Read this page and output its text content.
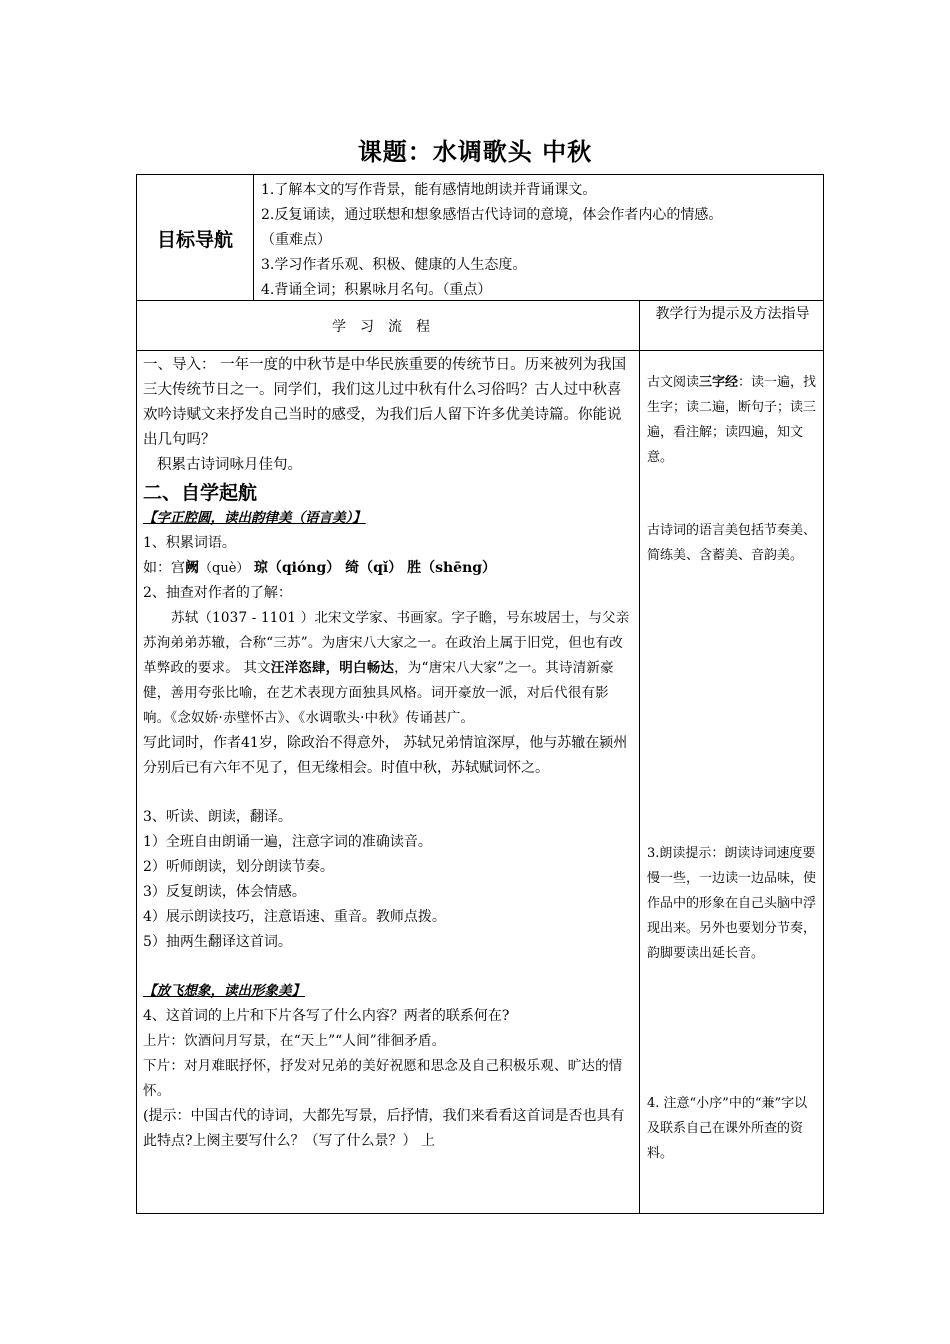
课题：水调歌头 中秋
目标导航
1.了解本文的写作背景，能有感情地朗读并背诵课文。
2.反复诵读，通过联想和想象感悟古代诗词的意境，体会作者内心的情感。
（重难点）
3.学习作者乐观、积极、健康的人生态度。
4.背诵全词；积累咏月名句。（重点）
学习流程
教学行为提示及方法指导

一、导入： 一年一度的中秋节是中华民族重要的传统节日。历来被列为我国三大传统节日之一。同学们，我们这儿过中秋有什么习俗吗？古人过中秋喜欢吟诗赋文来抒发自己当时的感受，为我们后人留下许多优美诗篇。你能说出几句吗？

积累古诗词咏月佳句。

二、自学起航

【字正腔圆，读出韵律美（语言美）】

1、积累词语。

如：宫阙（què） 琼（qióng） 绮（qǐ） 胜（shēng）

2、抽查对作者的了解：

苏轼（1037 - 1101 ）北宋文学家、书画家。字子瞻，号东坡居士，与父亲苏洵弟弟苏辙，合称“三苏”。为唐宋八大家之一。在政治上属于旧党，但也有改革弊政的要求。 其文汪洋恣肆，明白畅达，为“唐宋八大家”之一。其诗清新豪健，善用夸张比喻，在艺术表现方面独具风格。词开豪放一派，对后代很有影响。《念奴娇·赤壁怀古》、《水调歌头·中秋》传诵甚广。

写此词时，作者41岁，除政治不得意外， 苏轼兄弟情谊深厚，他与苏辙在颍州分别后已有六年不见了，但无缘相会。时值中秋，苏轼赋词怀之。

3、听读、朗读，翻译。

1）全班自由朗诵一遍，注意字词的准确读音。

2）听师朗读，划分朗读节奏。

3）反复朗读，体会情感。

4）展示朗读技巧，注意语速、重音。教师点拨。

5）抽两生翻译这首词。

【放飞想象，读出形象美】

4、这首词的上片和下片各写了什么内容？两者的联系何在?

上片：饮酒问月写景，在“天上”“人间”徘徊矛盾。

下片：对月难眠抒怀，抒发对兄弟的美好祝愿和思念及自己积极乐观、旷达的情怀。

(提示：中国古代的诗词，大都先写景，后抒情，我们来看看这首词是否也具有此特点?上阕主要写什么？（写了什么景？） 上

古文阅读三字经：读一遍，找生字；读二遍，断句子；读三遍，看注解；读四遍，知文意。
古诗词的语言美包括节奏美、简练美、含蓄美、音韵美。
3.朗读提示：朗读诗词速度要慢一些，一边读一边品味，使作品中的形象在自己头脑中浮现出来。另外也要划分节奏，韵脚要读出延长音。
4. 注意“小序”中的“兼”字以及联系自己在课外所查的资料。
